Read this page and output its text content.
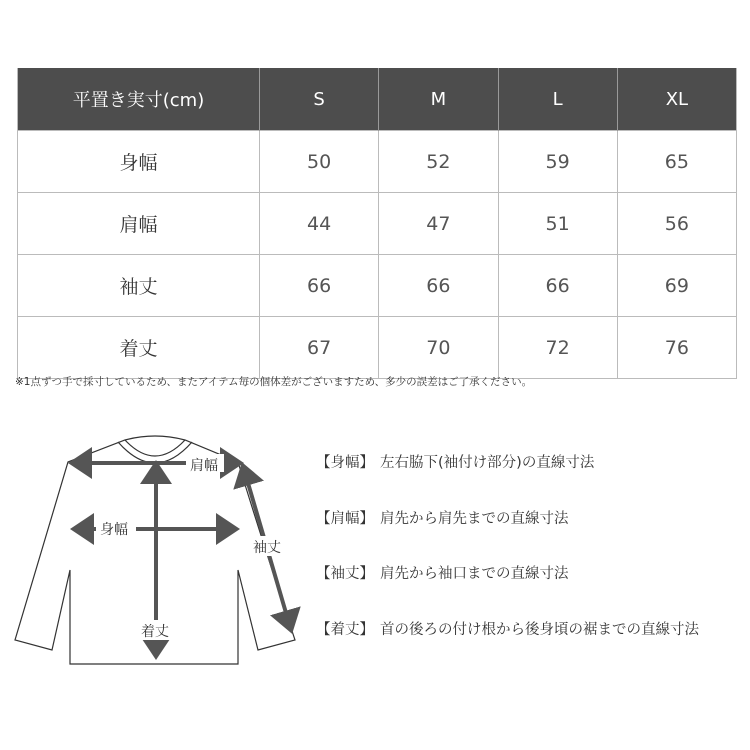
平置き実寸(cm)	S	M	L	XL
身幅	50	52	59	65
肩幅	44	47	51	56
袖丈	66	66	66	69
着丈	67	70	72	76
※1点ずつ手で採寸しているため、またアイテム毎の個体差がございますため、多少の誤差はご了承ください。
肩幅
身幅
袖丈
着丈
【身幅】 左右脇下(袖付け部分)の直線寸法
【肩幅】 肩先から肩先までの直線寸法
【袖丈】 肩先から袖口までの直線寸法
【着丈】 首の後ろの付け根から後身頃の裾までの直線寸法
